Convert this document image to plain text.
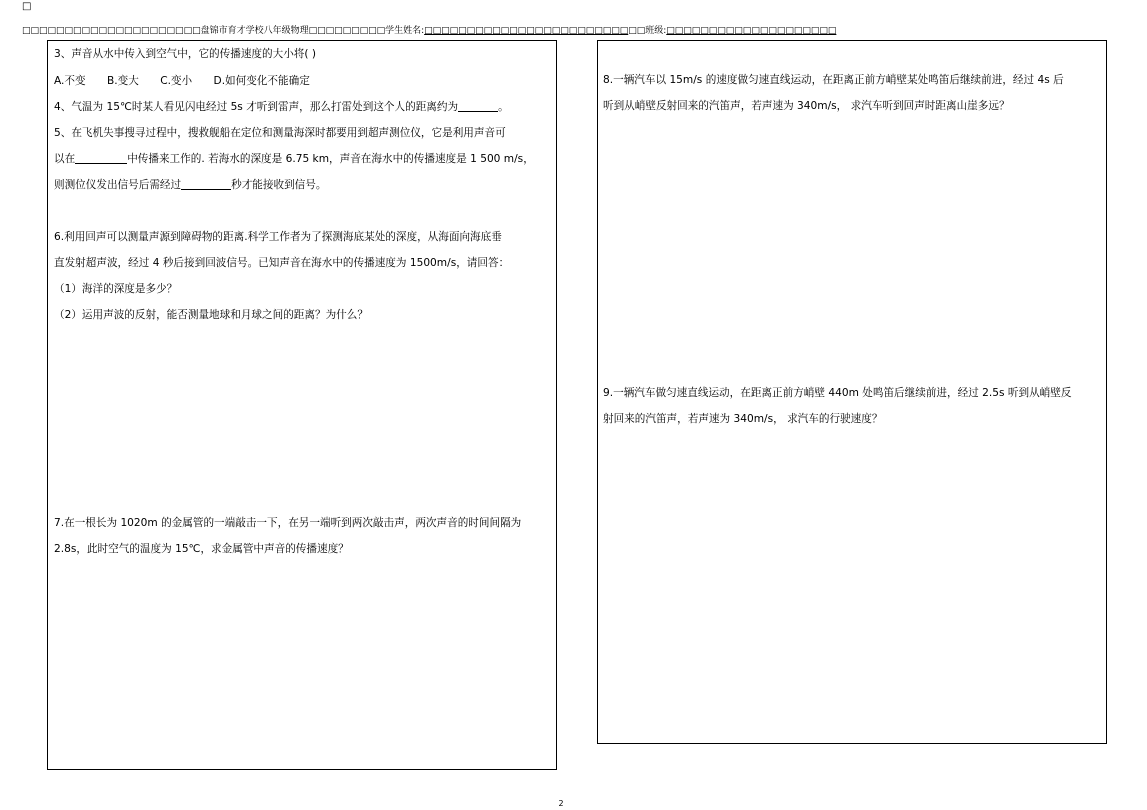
□
□□□□□□□□□□□□□□□□□□□□□盘锦市育才学校八年级物理□□□□□□□□□学生姓名:□□□□□□□□□□□□□□□□□□□□□□□□□□班级:□□□□□□□□□□□□□□□□□□□□
3、声音从水中传入到空气中，它的传播速度的大小将( )
A.不变 B.变大 C.变小 D.如何变化不能确定
4、气温为 15℃时某人看见闪电经过 5s 才听到雷声，那么打雷处到这个人的距离约为	。
5、在飞机失事搜寻过程中，搜救舰船在定位和测量海深时都要用到超声测位仪，它是利用声音可
以在	中传播来工作的. 若海水的深度是 6.75 km，声音在海水中的传播速度是 1 500 m/s，
则测位仪发出信号后需经过	秒才能接收到信号。
6.利用回声可以测量声源到障碍物的距离.科学工作者为了探测海底某处的深度，从海面向海底垂
直发射超声波，经过 4 秒后接到回波信号。已知声音在海水中的传播速度为 1500m/s，请回答：
（1）海洋的深度是多少？
（2）运用声波的反射，能否测量地球和月球之间的距离？为什么？
7.在一根长为 1020m 的金属管的一端敲击一下，在另一端听到两次敲击声，两次声音的时间间隔为
2.8s，此时空气的温度为 15℃，求金属管中声音的传播速度？
8.一辆汽车以 15m/s 的速度做匀速直线运动，在距离正前方峭壁某处鸣笛后继续前进，经过 4s 后
听到从峭壁反射回来的汽笛声，若声速为 340m/s， 求汽车听到回声时距离山崖多远？
9.一辆汽车做匀速直线运动，在距离正前方峭壁 440m 处鸣笛后继续前进，经过 2.5s 听到从峭壁反
射回来的汽笛声，若声速为 340m/s， 求汽车的行驶速度？
2
